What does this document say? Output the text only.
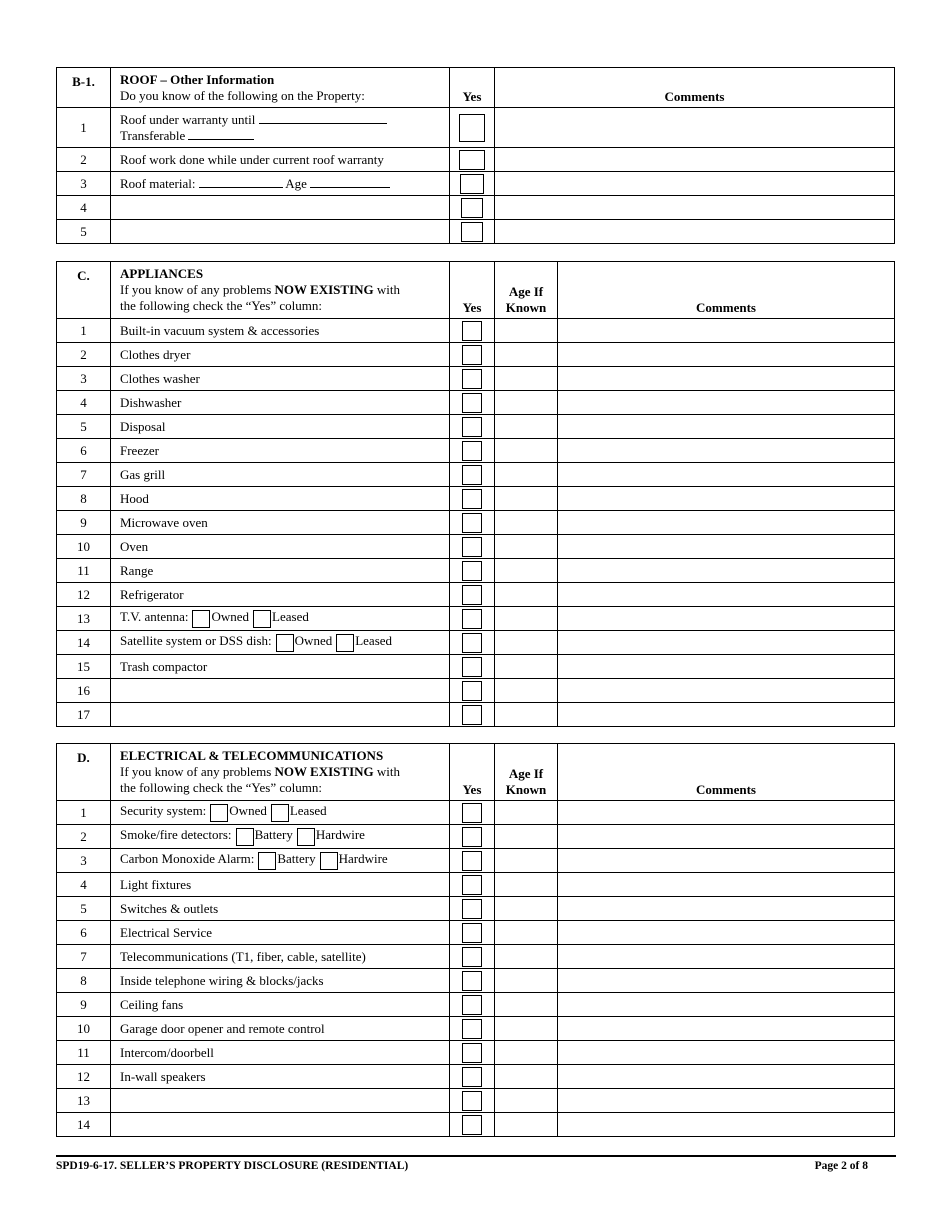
B-1.	ROOF – Other Information
Do you know of the following on the Property:	Yes	Comments
1	Roof under warranty until
Transferable		
2	Roof work done while under current roof warranty		
3	Roof material: Age		
4			
5			
C.	APPLIANCES
If you know of any problems NOW EXISTING with
the following check the “Yes” column:	Yes	Age If
Known	Comments
1	Built-in vacuum system & accessories			
2	Clothes dryer			
3	Clothes washer			
4	Dishwasher			
5	Disposal			
6	Freezer			
7	Gas grill			
8	Hood			
9	Microwave oven			
10	Oven			
11	Range			
12	Refrigerator			
13	T.V. antenna: Owned Leased			
14	Satellite system or DSS dish: Owned Leased			
15	Trash compactor			
16				
17				
D.	ELECTRICAL & TELECOMMUNICATIONS
If you know of any problems NOW EXISTING with
the following check the “Yes” column:	Yes	Age If
Known	Comments
1	Security system: Owned Leased			
2	Smoke/fire detectors: Battery Hardwire			
3	Carbon Monoxide Alarm: Battery Hardwire			
4	Light fixtures			
5	Switches & outlets			
6	Electrical Service			
7	Telecommunications (T1, fiber, cable, satellite)			
8	Inside telephone wiring & blocks/jacks			
9	Ceiling fans			
10	Garage door opener and remote control			
11	Intercom/doorbell			
12	In-wall speakers			
13				
14				
SPD19-6-17. SELLER’S PROPERTY DISCLOSURE (RESIDENTIAL)	Page 2 of 8
